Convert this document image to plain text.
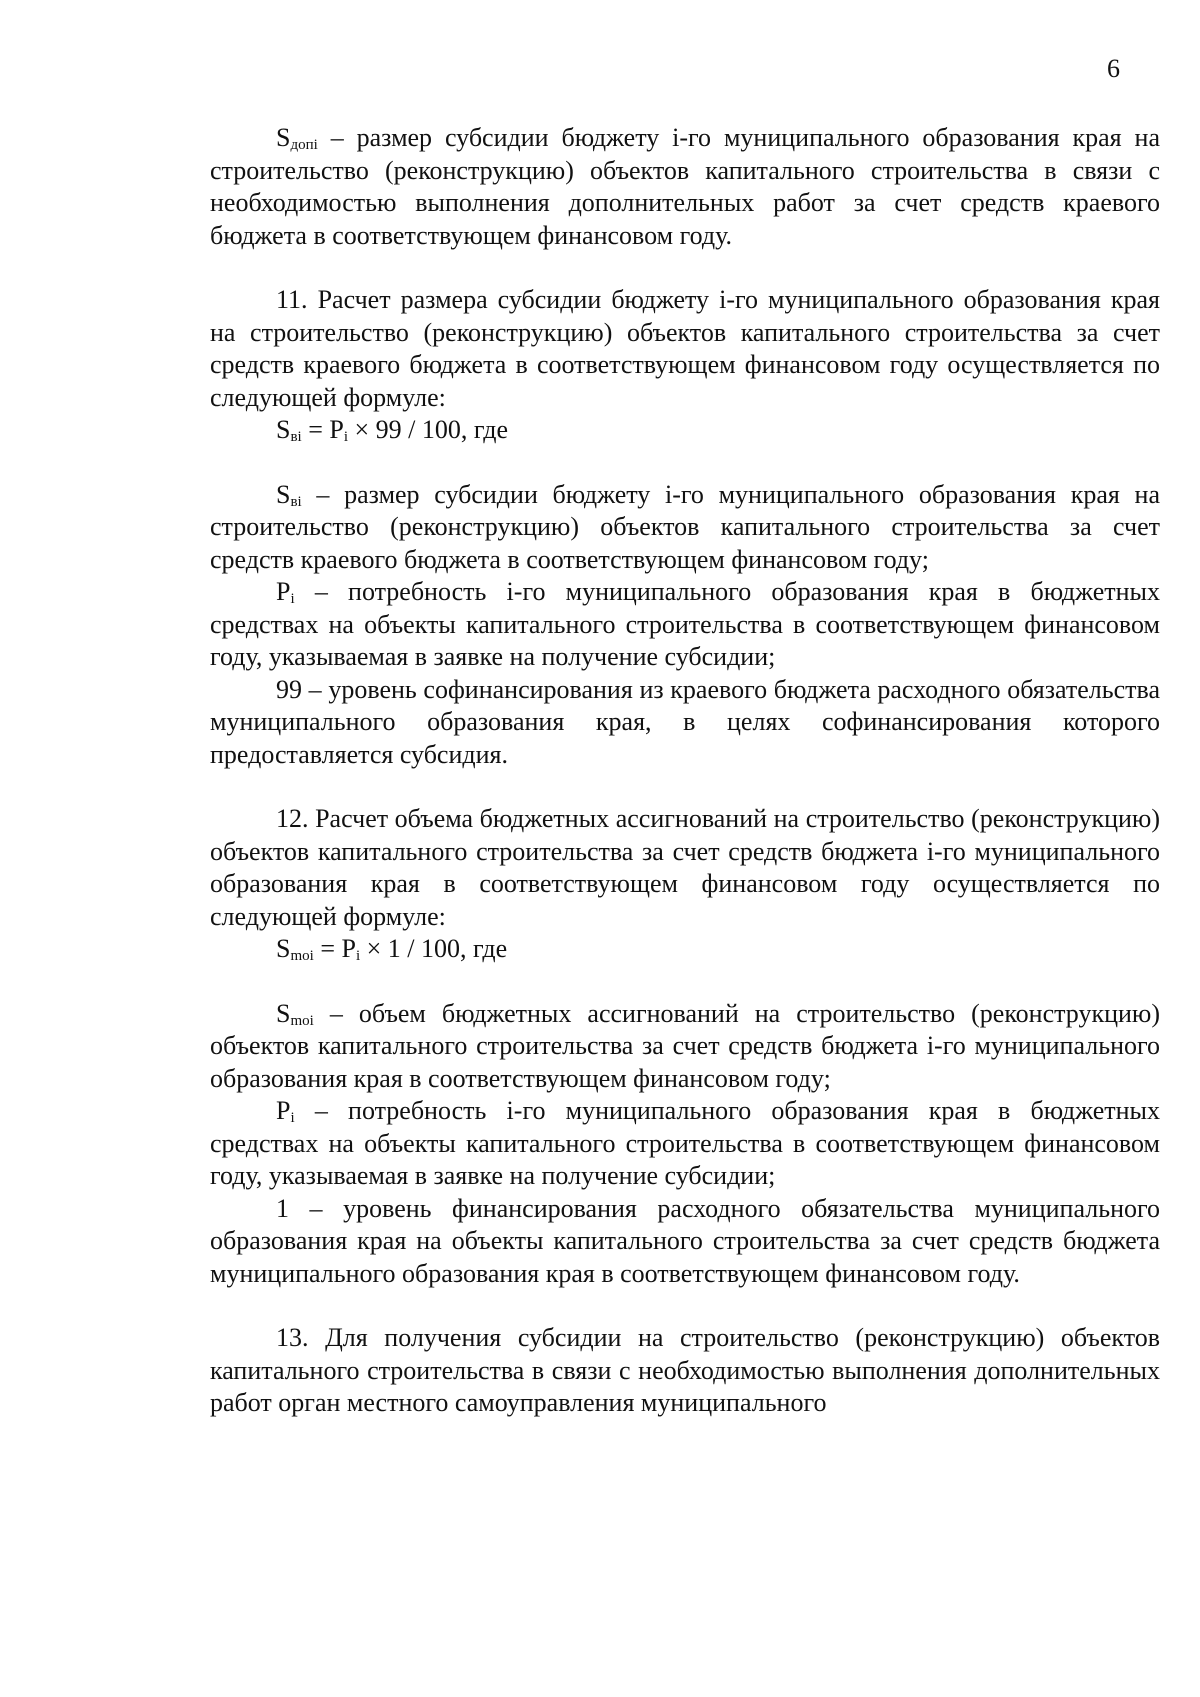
6

$S_{допi}$ – размер субсидии бюджету i-го муниципального образования края на строительство (реконструкцию) объектов капитального строительства в связи с необходимостью выполнения дополнительных работ за счет средств краевого бюджета в соответствующем финансовом году.

11. Расчет размера субсидии бюджету i-го муниципального образования края на строительство (реконструкцию) объектов капитального строительства за счет средств краевого бюджета в соответствующем финансовом году осуществляется по следующей формуле:

$S_{вi} = P_i \times 99 / 100$, где

$S_{вi}$ – размер субсидии бюджету i-го муниципального образования края на строительство (реконструкцию) объектов капитального строительства за счет средств краевого бюджета в соответствующем финансовом году;

$P_i$ – потребность i-го муниципального образования края в бюджетных средствах на объекты капитального строительства в соответствующем финансовом году, указываемая в заявке на получение субсидии;

99 – уровень софинансирования из краевого бюджета расходного обязательства муниципального образования края, в целях софинансирования которого предоставляется субсидия.

12. Расчет объема бюджетных ассигнований на строительство (реконструкцию) объектов капитального строительства за счет средств бюджета i-го муниципального образования края в соответствующем финансовом году осуществляется по следующей формуле:

$S_{moi} = P_i \times 1 / 100$, где

$S_{moi}$ – объем бюджетных ассигнований на строительство (реконструкцию) объектов капитального строительства за счет средств бюджета i-го муниципального образования края в соответствующем финансовом году;

$P_i$ – потребность i-го муниципального образования края в бюджетных средствах на объекты капитального строительства в соответствующем финансовом году, указываемая в заявке на получение субсидии;

1 – уровень финансирования расходного обязательства муниципального образования края на объекты капитального строительства за счет средств бюджета муниципального образования края в соответствующем финансовом году.

13. Для получения субсидии на строительство (реконструкцию) объектов капитального строительства в связи с необходимостью выполнения дополнительных работ орган местного самоуправления муниципального
